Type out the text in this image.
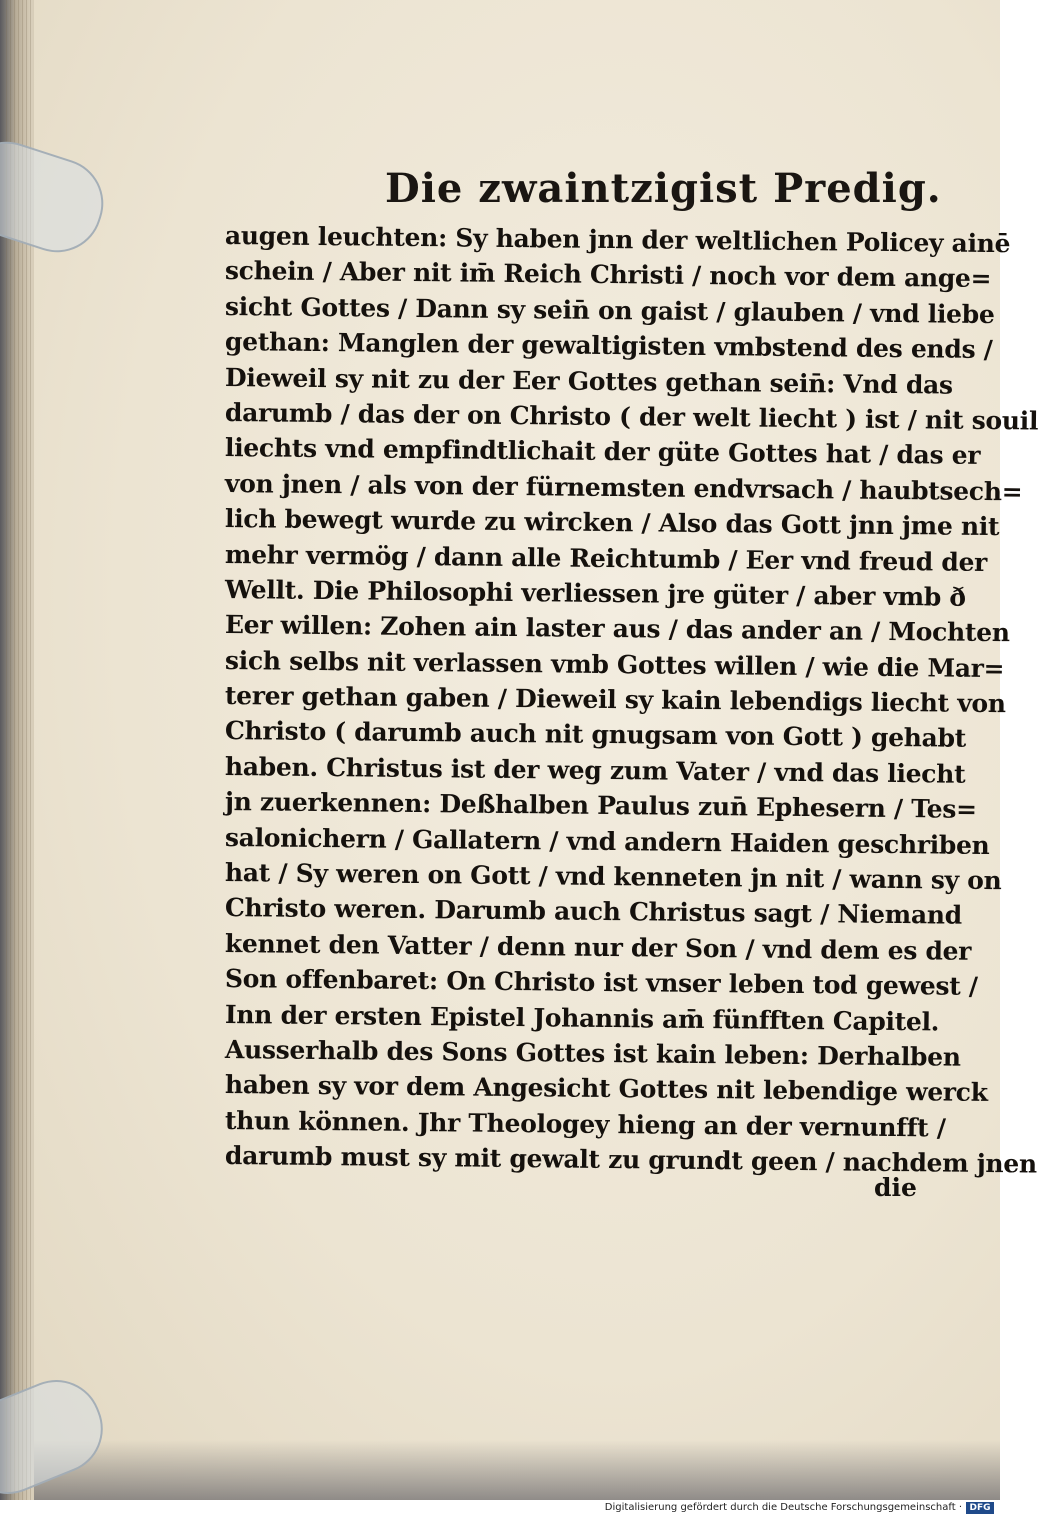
Die zwaintzigist Predig.
augen leuchten: Sy haben jnn der weltlichen Policey ainē
schein / Aber nit im̄ Reich Christi / noch vor dem ange=
sicht Gottes / Dann sy sein̄ on gaist / glauben / vnd liebe
gethan: Manglen der gewaltigisten vmbstend des ends /
Dieweil sy nit zu der Eer Gottes gethan sein̄: Vnd das
darumb / das der on Christo ( der welt liecht ) ist / nit souil
liechts vnd empfindtlichait der güte Gottes hat / das er
von jnen / als von der fürnemsten endvrsach / haubtsech=
lich bewegt wurde zu wircken / Also das Gott jnn jme nit
mehr vermög / dann alle Reichtumb / Eer vnd freud der
Wellt. Die Philosophi verliessen jre güter / aber vmb ð
Eer willen: Zohen ain laster aus / das ander an / Mochten
sich selbs nit verlassen vmb Gottes willen / wie die Mar=
terer gethan gaben / Dieweil sy kain lebendigs liecht von
Christo ( darumb auch nit gnugsam von Gott ) gehabt
haben. Christus ist der weg zum Vater / vnd das liecht
jn zuerkennen: Deßhalben Paulus zun̄ Ephesern / Tes=
salonichern / Gallatern / vnd andern Haiden geschriben
hat / Sy weren on Gott / vnd kenneten jn nit / wann sy on
Christo weren. Darumb auch Christus sagt / Niemand
kennet den Vatter / denn nur der Son / vnd dem es der
Son offenbaret: On Christo ist vnser leben tod gewest /
Inn der ersten Epistel Johannis am̄ fünfften Capitel.
Ausserhalb des Sons Gottes ist kain leben: Derhalben
haben sy vor dem Angesicht Gottes nit lebendige werck
thun können. Jhr Theologey hieng an der vernunfft /
darumb must sy mit gewalt zu grundt geen / nachdem jnen
die
Digitalisierung gefördert durch die Deutsche Forschungsgemeinschaft · DFG
